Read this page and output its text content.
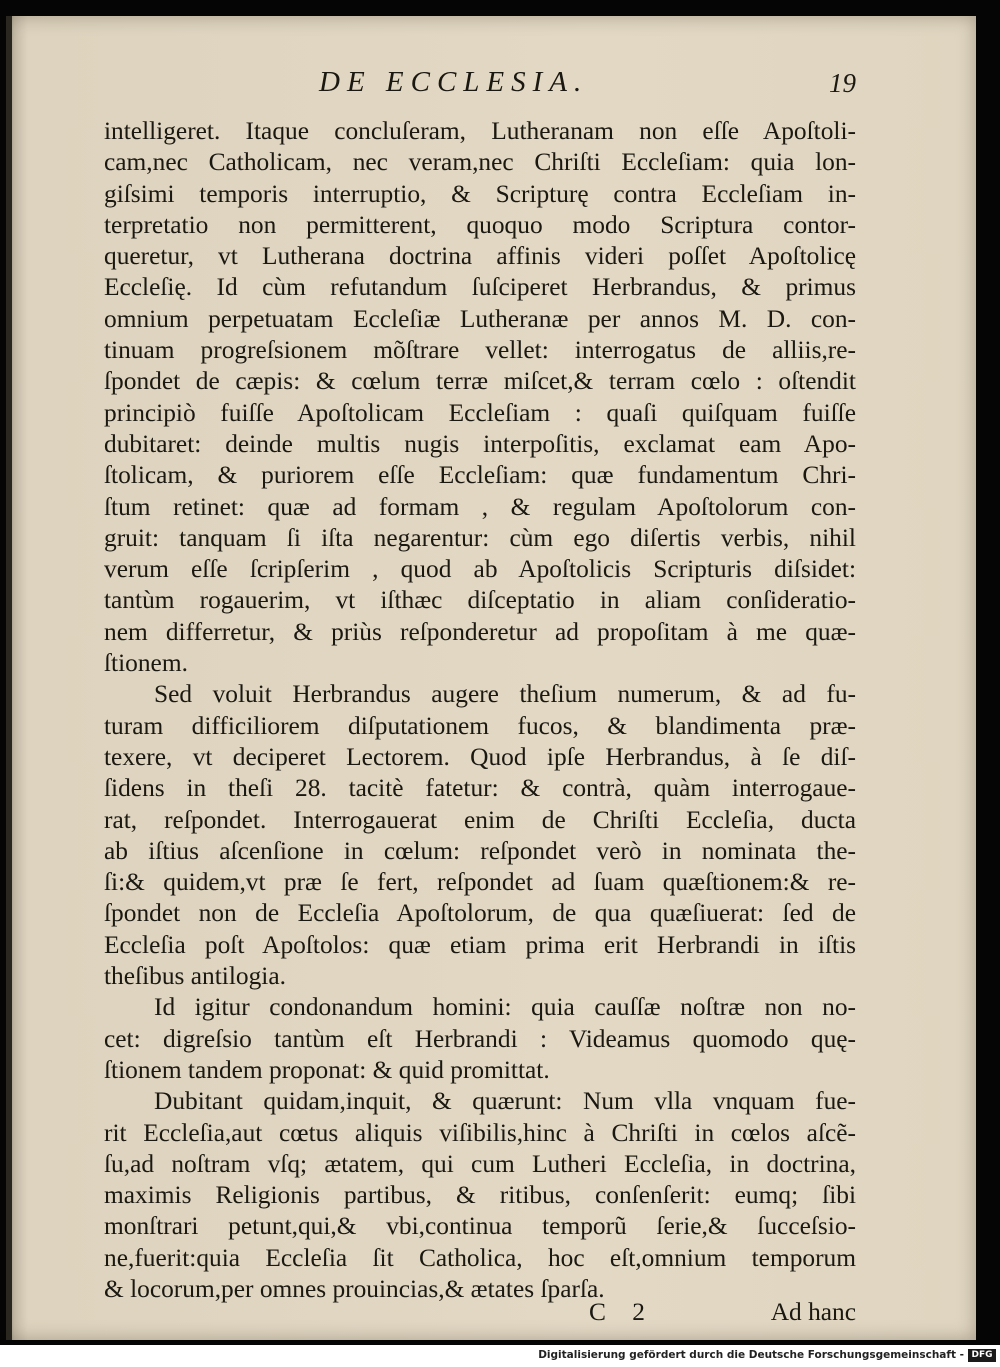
DE ECCLESIA.	19
intelligeret. Itaque concluſeram, Lutheranam non eſſe Apoſtoli-
cam,nec Catholicam, nec veram,nec Chriſti Eccleſiam: quia lon-
giſsimi temporis interruptio, & Scripturę contra Eccleſiam in-
terpretatio non permitterent, quoquo modo Scriptura contor-
queretur, vt Lutherana doctrina affinis videri poſſet Apoſtolicę
Eccleſię. Id cùm refutandum ſuſciperet Herbrandus, & primus
omnium perpetuatam Eccleſiæ Lutheranæ per annos M. D. con-
tinuam progreſsionem mõſtrare vellet: interrogatus de alliis,re-
ſpondet de cæpis: & cœlum terræ miſcet,& terram cœlo : oſtendit
principiò fuiſſe Apoſtolicam Eccleſiam : quaſi quiſquam fuiſſe
dubitaret: deinde multis nugis interpoſitis, exclamat eam Apo-
ſtolicam, & puriorem eſſe Eccleſiam: quæ fundamentum Chri-
ſtum retinet: quæ ad formam , & regulam Apoſtolorum con-
gruit: tanquam ſi iſta negarentur: cùm ego diſertis verbis, nihil
verum eſſe ſcripſerim , quod ab Apoſtolicis Scripturis diſsidet:
tantùm rogauerim, vt iſthæc diſceptatio in aliam conſideratio-
nem differretur, & priùs reſponderetur ad propoſitam à me quæ-
ſtionem.
Sed voluit Herbrandus augere theſium numerum, & ad fu-
turam difficiliorem diſputationem fucos, & blandimenta præ-
texere, vt deciperet Lectorem. Quod ipſe Herbrandus, à ſe diſ-
ſidens in theſi 28. tacitè fatetur: & contrà, quàm interrogaue-
rat, reſpondet. Interrogauerat enim de Chriſti Eccleſia, ducta
ab iſtius aſcenſione in cœlum: reſpondet verò in nominata the-
ſi:& quidem,vt præ ſe fert, reſpondet ad ſuam quæſtionem:& re-
ſpondet non de Eccleſia Apoſtolorum, de qua quæſiuerat: ſed de
Eccleſia poſt Apoſtolos: quæ etiam prima erit Herbrandi in iſtis
theſibus antilogia.
Id igitur condonandum homini: quia cauſſæ noſtræ non no-
cet: digreſsio tantùm eſt Herbrandi : Videamus quomodo quę-
ſtionem tandem proponat: & quid promittat.
Dubitant quidam,inquit, & quærunt: Num vlla vnquam fue-
rit Eccleſia,aut cœtus aliquis viſibilis,hinc à Chriſti in cœlos aſcẽ-
ſu,ad noſtram vſq; ætatem, qui cum Lutheri Eccleſia, in doctrina,
maximis Religionis partibus, & ritibus, conſenſerit: eumq; ſibi
monſtrari petunt,qui,& vbi,continua temporũ ſerie,& ſucceſsio-
ne,fuerit:quia Eccleſia ſit Catholica, hoc eſt,omnium temporum
& locorum,per omnes prouincias,& ætates ſparſa.
C 2	Ad hanc
Digitalisierung gefördert durch die Deutsche Forschungsgemeinschaft - DFG
